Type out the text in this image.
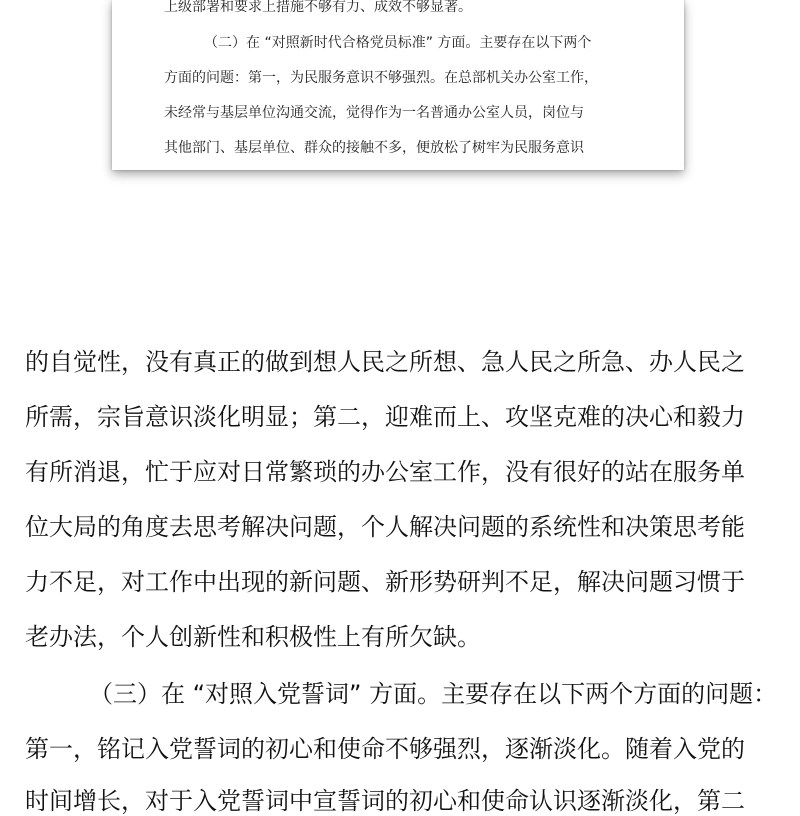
上级部署和要求上措施不够有力、成效不够显著。
（二）在 “对照新时代合格党员标准” 方面。主要存在以下两个
方面的问题：第一，为民服务意识不够强烈。在总部机关办公室工作，
未经常与基层单位沟通交流，觉得作为一名普通办公室人员，岗位与
其他部门、基层单位、群众的接触不多，便放松了树牢为民服务意识
的自觉性，没有真正的做到想人民之所想、急人民之所急、办人民之
所需，宗旨意识淡化明显；第二，迎难而上、攻坚克难的决心和毅力
有所消退，忙于应对日常繁琐的办公室工作，没有很好的站在服务单
位大局的角度去思考解决问题，个人解决问题的系统性和决策思考能
力不足，对工作中出现的新问题、新形势研判不足，解决问题习惯于
老办法，个人创新性和积极性上有所欠缺。
（三）在 “对照入党誓词” 方面。主要存在以下两个方面的问题：
第一，铭记入党誓词的初心和使命不够强烈，逐渐淡化。随着入党的
时间增长，对于入党誓词中宣誓词的初心和使命认识逐渐淡化，第二
